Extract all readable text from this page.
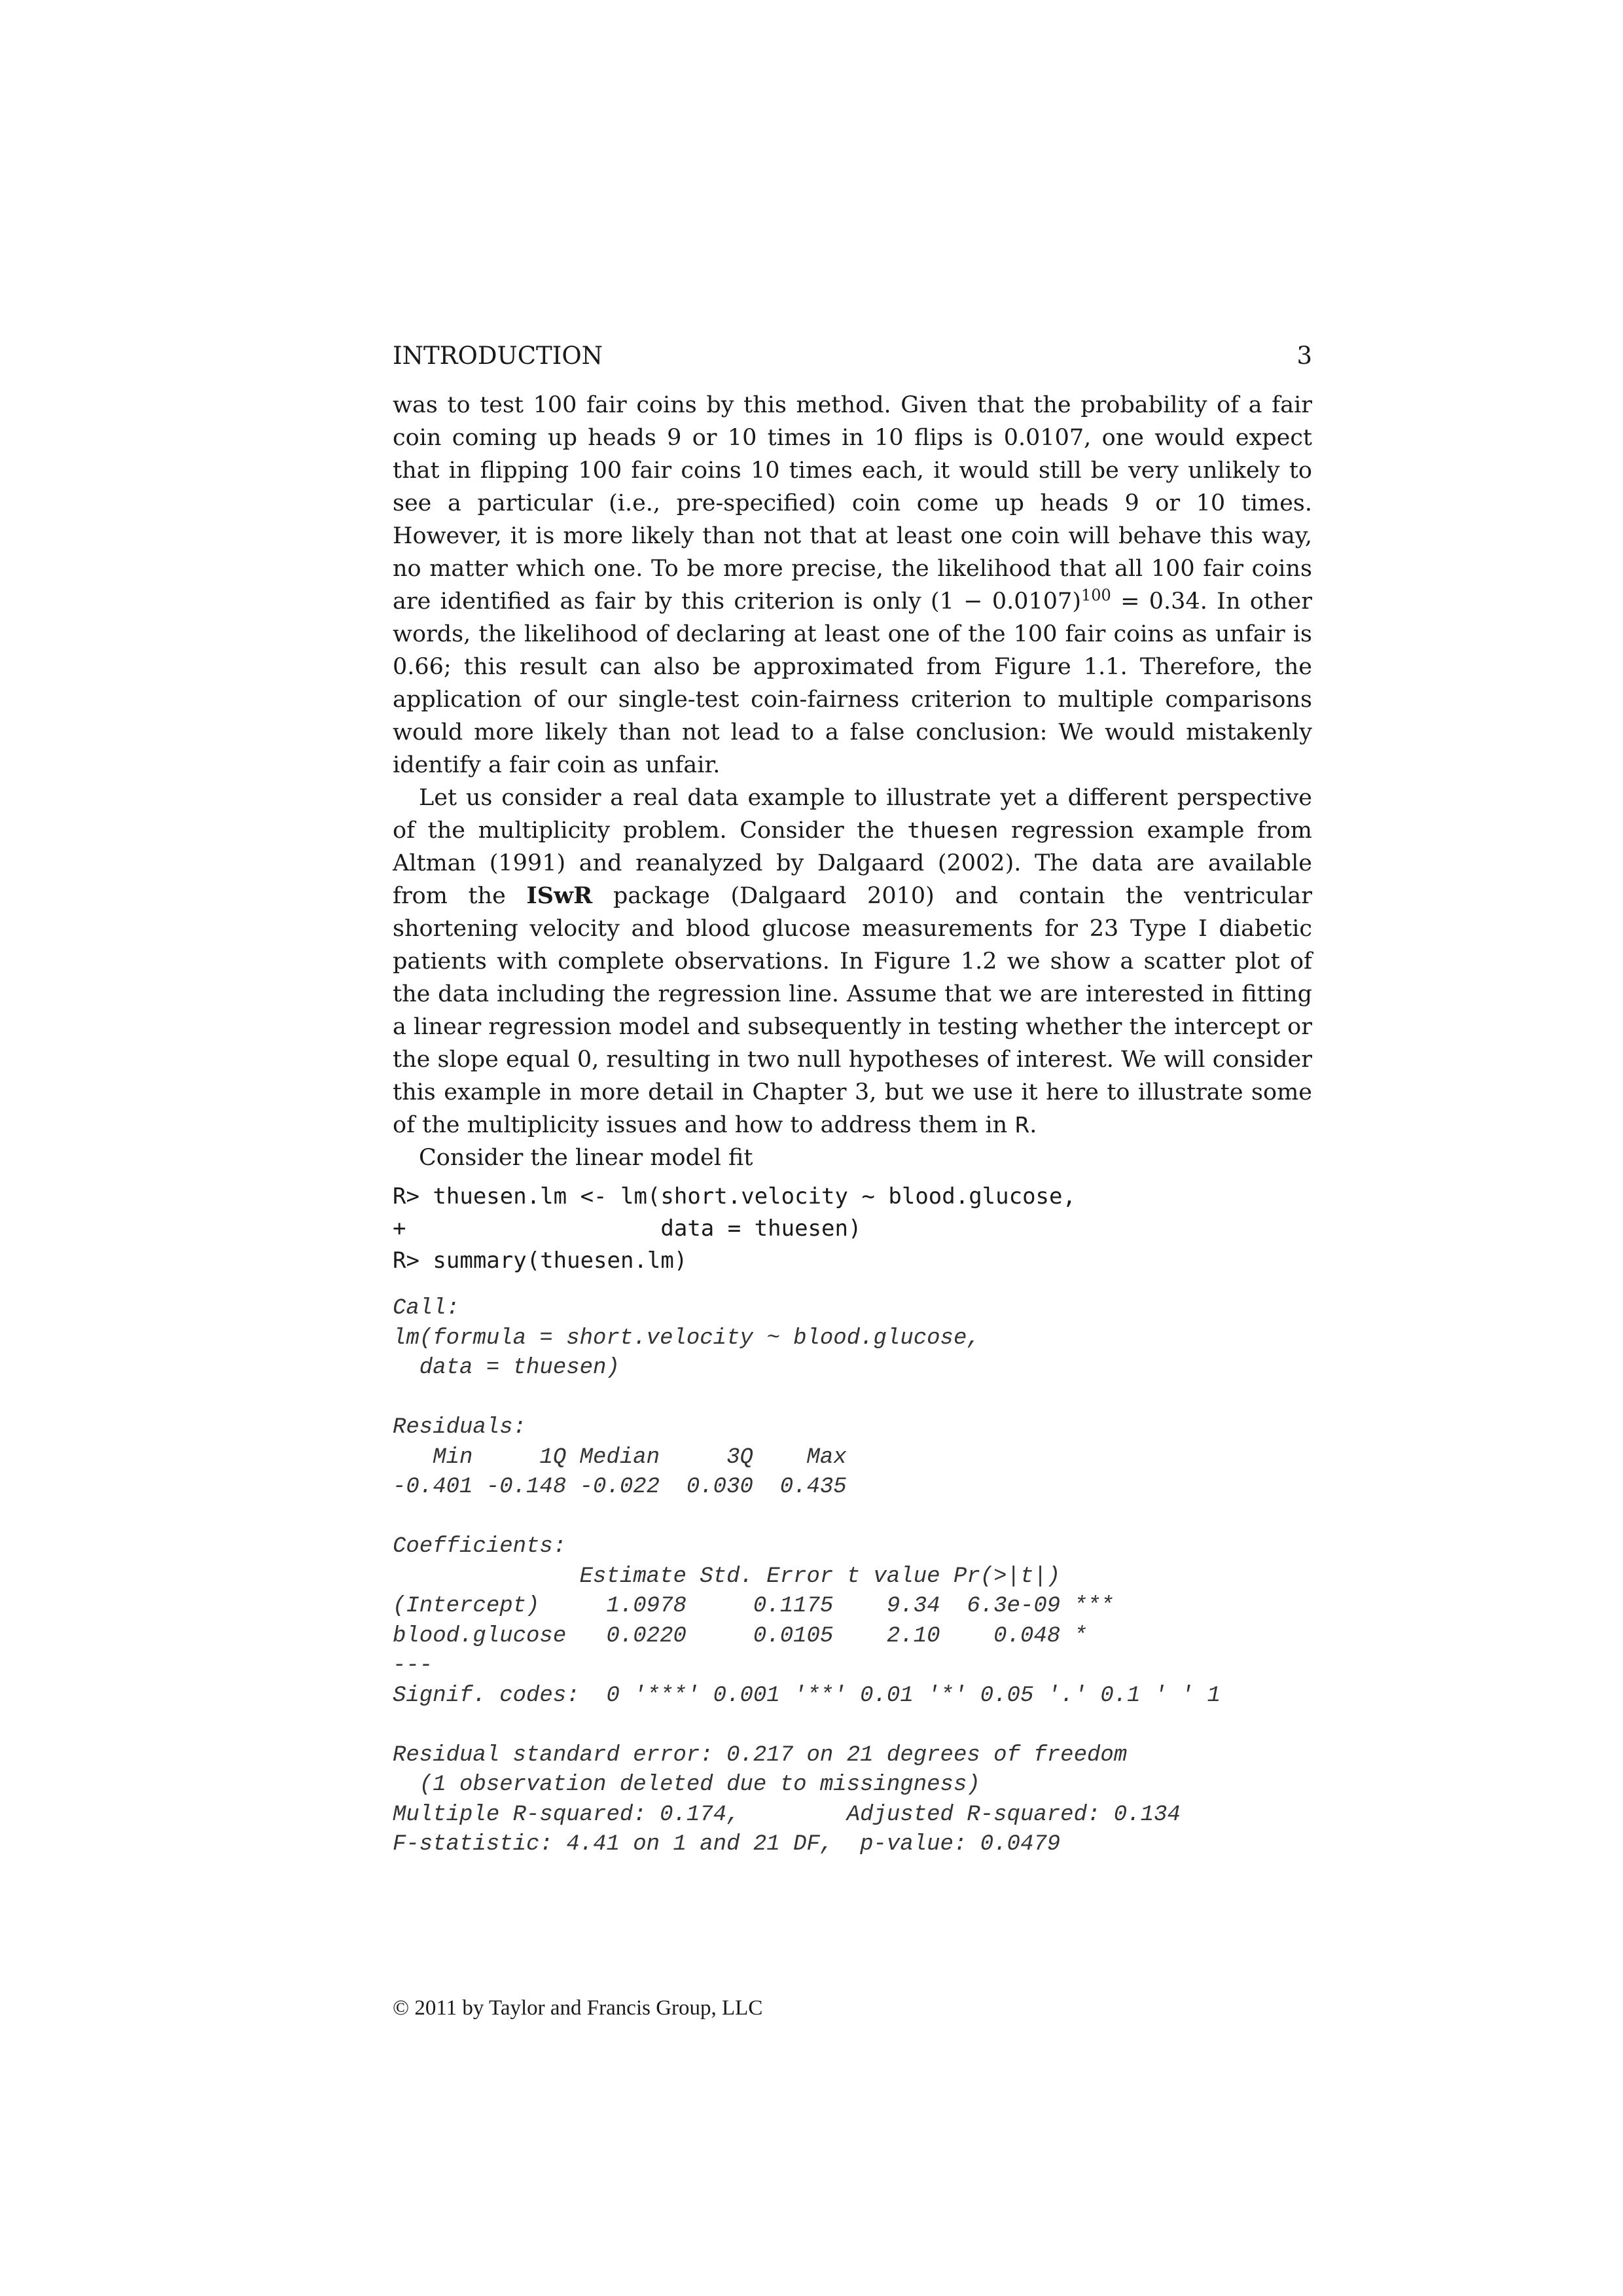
INTRODUCTION	3

was to test 100 fair coins by this method. Given that the probability of a fair coin coming up heads 9 or 10 times in 10 flips is 0.0107, one would expect that in flipping 100 fair coins 10 times each, it would still be very unlikely to see a particular (i.e., pre-specified) coin come up heads 9 or 10 times. However, it is more likely than not that at least one coin will behave this way, no matter which one. To be more precise, the likelihood that all 100 fair coins are identified as fair by this criterion is only $(1 - 0.0107)^{100} = 0.34$. In other words, the likelihood of declaring at least one of the 100 fair coins as unfair is 0.66; this result can also be approximated from Figure 1.1. Therefore, the application of our single-test coin-fairness criterion to multiple comparisons would more likely than not lead to a false conclusion: We would mistakenly identify a fair coin as unfair.

Let us consider a real data example to illustrate yet a different perspective of the multiplicity problem. Consider the thuesen regression example from Altman (1991) and reanalyzed by Dalgaard (2002). The data are available from the ISwR package (Dalgaard 2010) and contain the ventricular shortening velocity and blood glucose measurements for 23 Type I diabetic patients with complete observations. In Figure 1.2 we show a scatter plot of the data including the regression line. Assume that we are interested in fitting a linear regression model and subsequently in testing whether the intercept or the slope equal 0, resulting in two null hypotheses of interest. We will consider this example in more detail in Chapter 3, but we use it here to illustrate some of the multiplicity issues and how to address them in R.

Consider the linear model fit

R> thuesen.lm <- lm(short.velocity ~ blood.glucose,
+                   data = thuesen)
R> summary(thuesen.lm)
Call:
lm(formula = short.velocity ~ blood.glucose,
data = thuesen)

Residuals:
Min     1Q Median     3Q    Max
-0.401 -0.148 -0.022  0.030  0.435

Coefficients:
Estimate Std. Error t value Pr(>|t|)
(Intercept)     1.0978     0.1175    9.34  6.3e-09 ***
blood.glucose   0.0220     0.0105    2.10    0.048 *
---
Signif. codes:  0 '***' 0.001 '**' 0.01 '*' 0.05 '.' 0.1 ' ' 1

Residual standard error: 0.217 on 21 degrees of freedom
(1 observation deleted due to missingness)
Multiple R-squared: 0.174,        Adjusted R-squared: 0.134
F-statistic: 4.41 on 1 and 21 DF,  p-value: 0.0479
© 2011 by Taylor and Francis Group, LLC
